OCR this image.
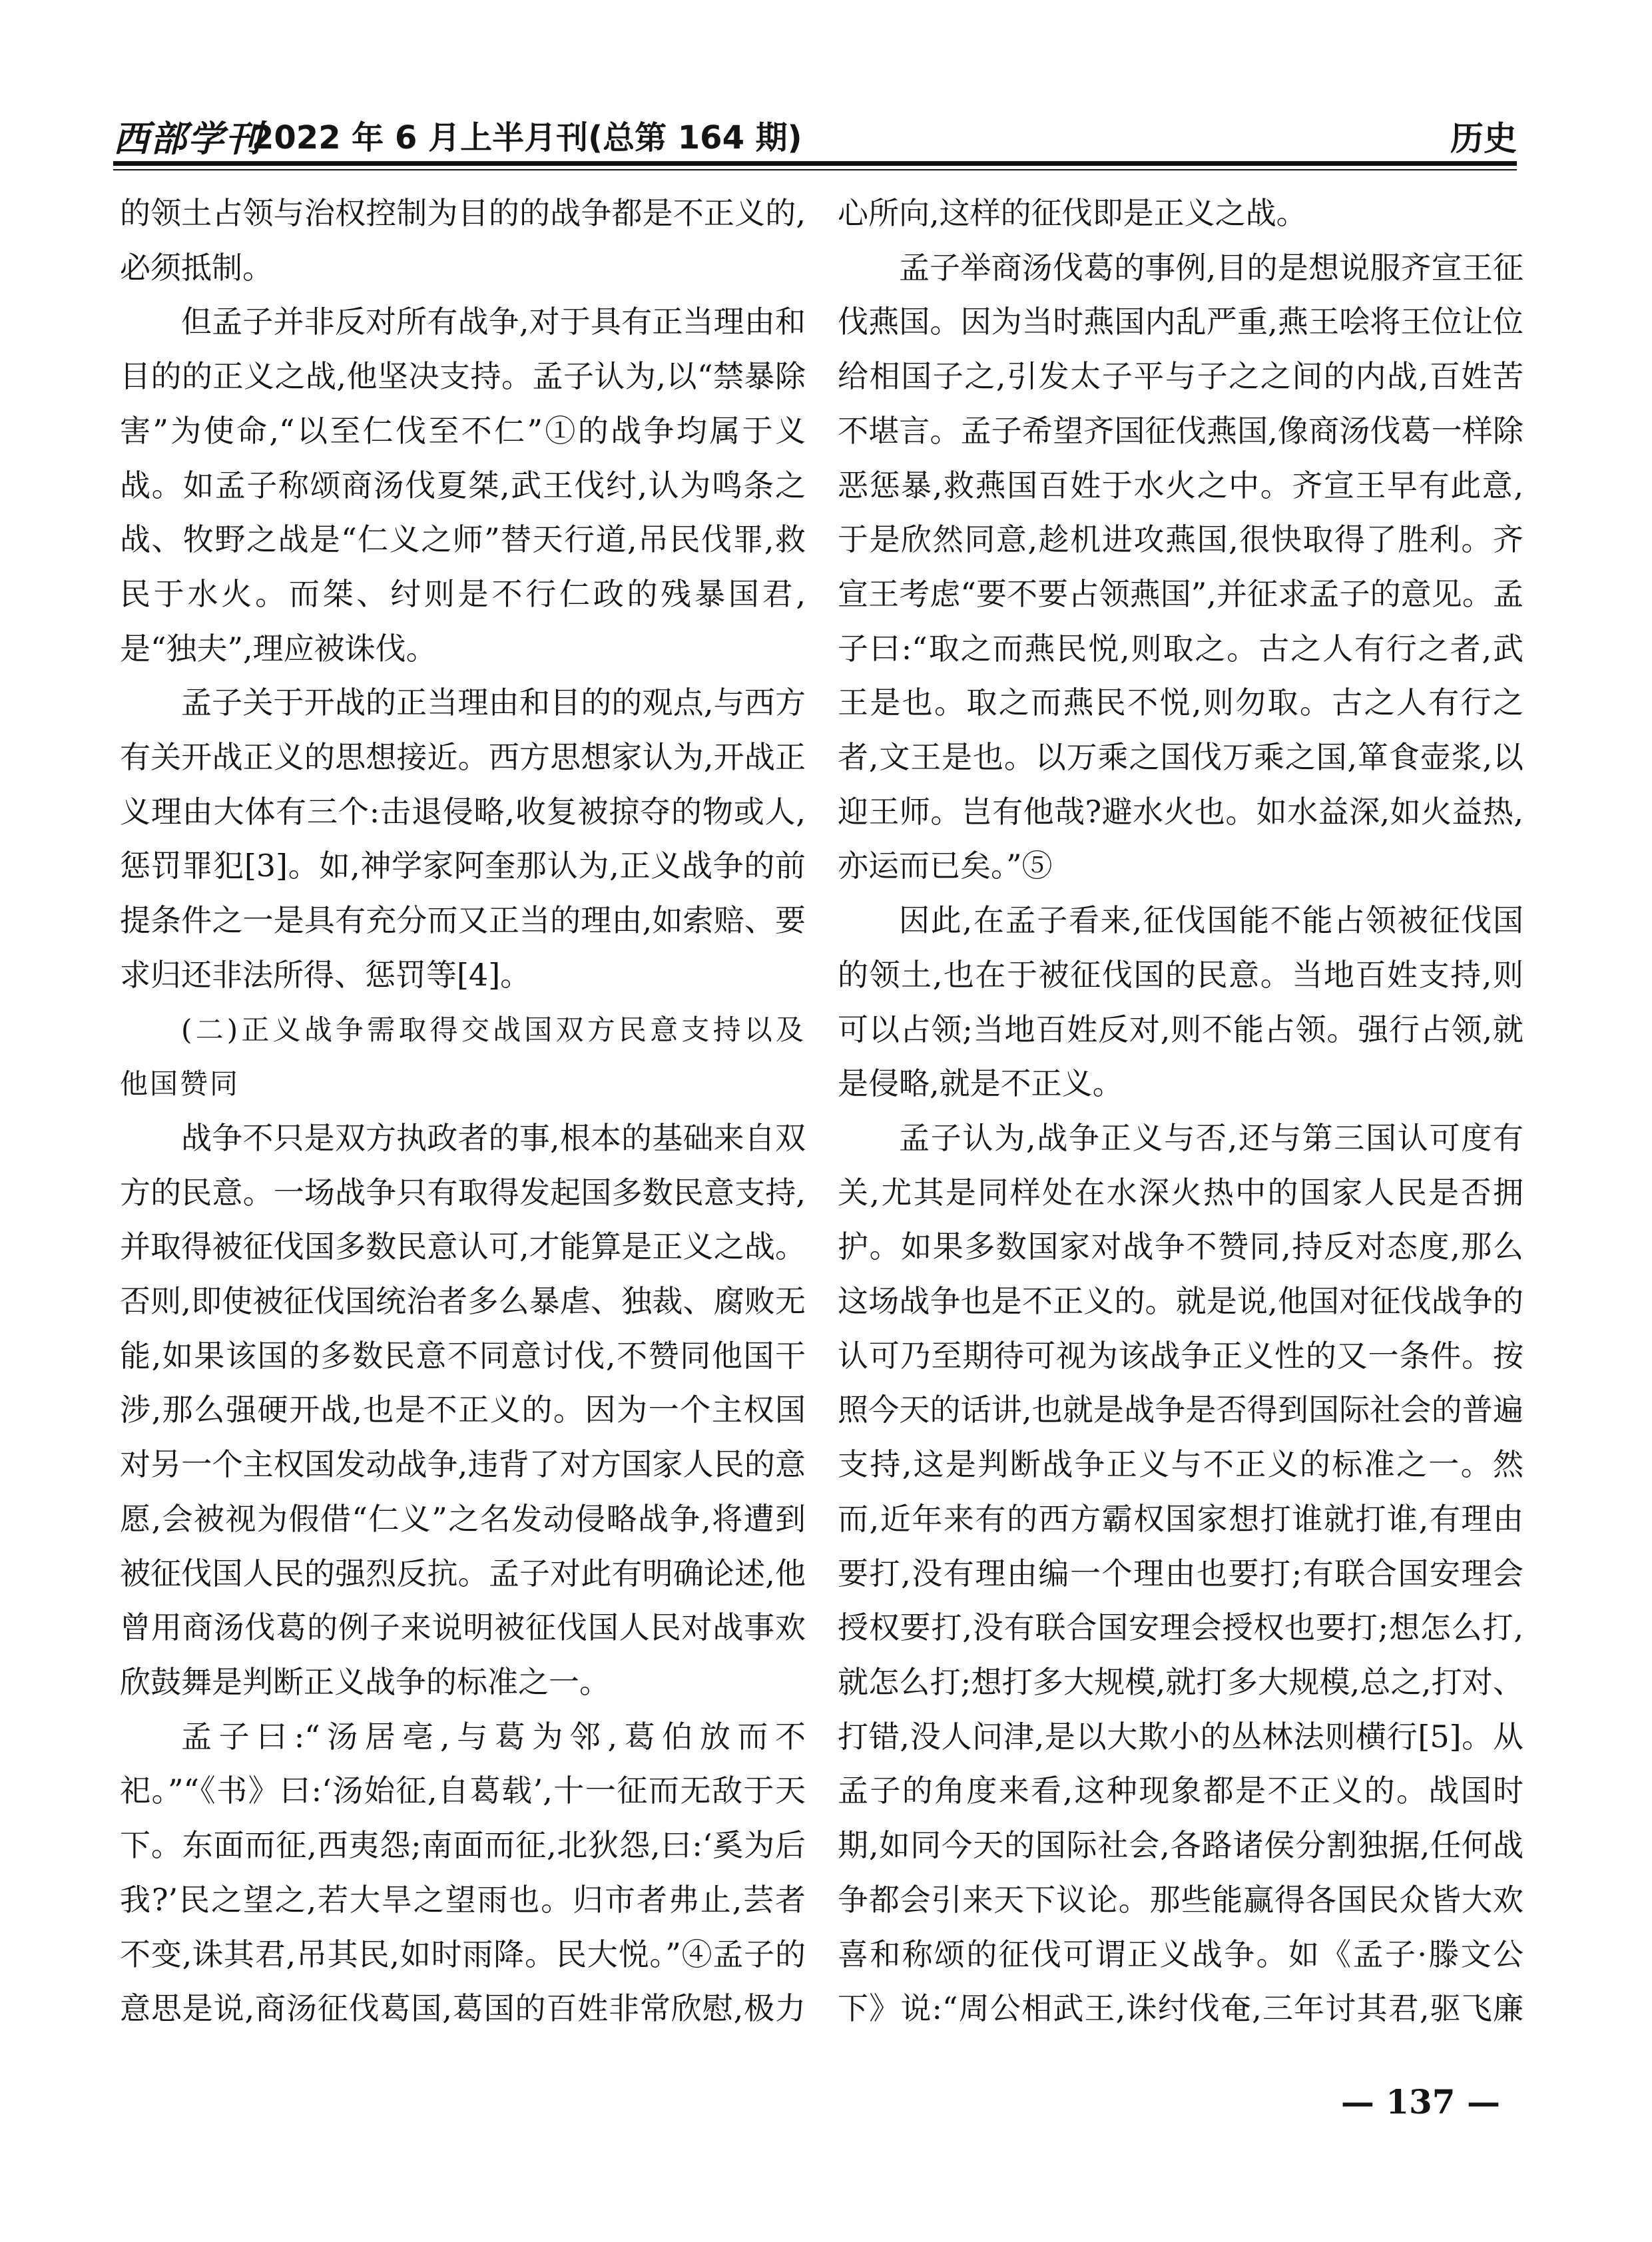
西部学刊
2022 年 6 月上半月刊(总第 164 期)	历史

的领土占领与治权控制为目的的战争都是不正义的,必须抵制。

但孟子并非反对所有战争,对于具有正当理由和目的的正义之战,他坚决支持。孟子认为,以“禁暴除害”为使命,“以至仁伐至不仁”①的战争均属于义战。如孟子称颂商汤伐夏桀,武王伐纣,认为鸣条之战、牧野之战是“仁义之师”替天行道,吊民伐罪,救民于水火。而桀、纣则是不行仁政的残暴国君,是“独夫”,理应被诛伐。

孟子关于开战的正当理由和目的的观点,与西方有关开战正义的思想接近。西方思想家认为,开战正义理由大体有三个:击退侵略,收复被掠夺的物或人,惩罚罪犯[3]。如,神学家阿奎那认为,正义战争的前提条件之一是具有充分而又正当的理由,如索赔、要求归还非法所得、惩罚等[4]。

(二)正义战争需取得交战国双方民意支持以及他国赞同

战争不只是双方执政者的事,根本的基础来自双方的民意。一场战争只有取得发起国多数民意支持,并取得被征伐国多数民意认可,才能算是正义之战。否则,即使被征伐国统治者多么暴虐、独裁、腐败无能,如果该国的多数民意不同意讨伐,不赞同他国干涉,那么强硬开战,也是不正义的。因为一个主权国对另一个主权国发动战争,违背了对方国家人民的意愿,会被视为假借“仁义”之名发动侵略战争,将遭到被征伐国人民的强烈反抗。孟子对此有明确论述,他曾用商汤伐葛的例子来说明被征伐国人民对战事欢欣鼓舞是判断正义战争的标准之一。

孟子曰:“汤居亳,与葛为邻,葛伯放而不祀。”“《书》曰:‘汤始征,自葛载’,十一征而无敌于天下。东面而征,西夷怨;南面而征,北狄怨,曰:‘奚为后我?’民之望之,若大旱之望雨也。归市者弗止,芸者不变,诛其君,吊其民,如时雨降。民大悦。”④孟子的意思是说,商汤征伐葛国,葛国的百姓非常欣慰,极力

心所向,这样的征伐即是正义之战。

孟子举商汤伐葛的事例,目的是想说服齐宣王征伐燕国。因为当时燕国内乱严重,燕王哙将王位让位给相国子之,引发太子平与子之之间的内战,百姓苦不堪言。孟子希望齐国征伐燕国,像商汤伐葛一样除恶惩暴,救燕国百姓于水火之中。齐宣王早有此意,于是欣然同意,趁机进攻燕国,很快取得了胜利。齐宣王考虑“要不要占领燕国”,并征求孟子的意见。孟子曰:“取之而燕民悦,则取之。古之人有行之者,武王是也。取之而燕民不悦,则勿取。古之人有行之者,文王是也。以万乘之国伐万乘之国,箪食壶浆,以迎王师。岂有他哉?避水火也。如水益深,如火益热,亦运而已矣。”⑤

因此,在孟子看来,征伐国能不能占领被征伐国的领土,也在于被征伐国的民意。当地百姓支持,则可以占领;当地百姓反对,则不能占领。强行占领,就是侵略,就是不正义。

孟子认为,战争正义与否,还与第三国认可度有关,尤其是同样处在水深火热中的国家人民是否拥护。如果多数国家对战争不赞同,持反对态度,那么这场战争也是不正义的。就是说,他国对征伐战争的认可乃至期待可视为该战争正义性的又一条件。按照今天的话讲,也就是战争是否得到国际社会的普遍支持,这是判断战争正义与不正义的标准之一。然而,近年来有的西方霸权国家想打谁就打谁,有理由要打,没有理由编一个理由也要打;有联合国安理会授权要打,没有联合国安理会授权也要打;想怎么打,就怎么打;想打多大规模,就打多大规模,总之,打对、打错,没人问津,是以大欺小的丛林法则横行[5]。从孟子的角度来看,这种现象都是不正义的。战国时期,如同今天的国际社会,各路诸侯分割独据,任何战争都会引来天下议论。那些能赢得各国民众皆大欢喜和称颂的征伐可谓正义战争。如《孟子·滕文公下》说:“周公相武王,诛纣伐奄,三年讨其君,驱飞廉

— 137 —
